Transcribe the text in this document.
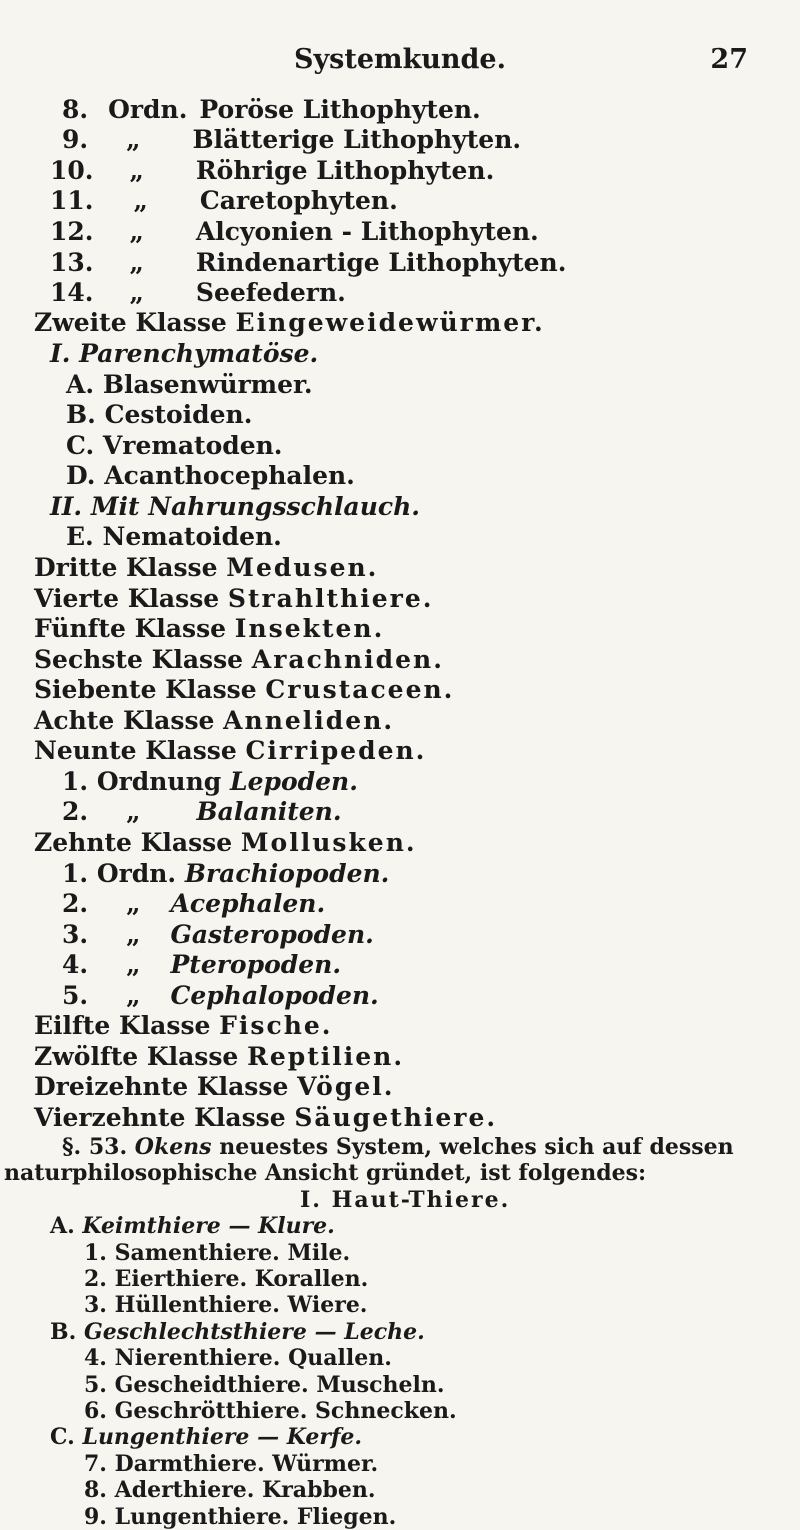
Systemkunde.	27
8. Ordn. Poröse Lithophyten.
9. „ Blätterige Lithophyten.
10. „ Röhrige Lithophyten.
11. „ Caretophyten.
12. „ Alcyonien - Lithophyten.
13. „ Rindenartige Lithophyten.
14. „ Seefedern.
Zweite Klasse Eingeweidewürmer.
I. Parenchymatöse.
A. Blasenwürmer.
B. Cestoiden.
C. Vrematoden.
D. Acanthocephalen.
II. Mit Nahrungsschlauch.
E. Nematoiden.
Dritte Klasse Medusen.
Vierte Klasse Strahlthiere.
Fünfte Klasse Insekten.
Sechste Klasse Arachniden.
Siebente Klasse Crustaceen.
Achte Klasse Anneliden.
Neunte Klasse Cirripeden.
1. Ordnung Lepoden.
2. „ Balaniten.
Zehnte Klasse Mollusken.
1. Ordn. Brachiopoden.
2. „ Acephalen.
3. „ Gasteropoden.
4. „ Pteropoden.
5. „ Cephalopoden.
Eilfte Klasse Fische.
Zwölfte Klasse Reptilien.
Dreizehnte Klasse Vögel.
Vierzehnte Klasse Säugethiere.
§. 53. Okens neuestes System, welches sich auf dessen
naturphilosophische Ansicht gründet, ist folgendes:
I. Haut-Thiere.
A. Keimthiere — Klure.
1. Samenthiere. Mile.
2. Eierthiere. Korallen.
3. Hüllenthiere. Wiere.
B. Geschlechtsthiere — Leche.
4. Nierenthiere. Quallen.
5. Gescheidthiere. Muscheln.
6. Geschrötthiere. Schnecken.
C. Lungenthiere — Kerfe.
7. Darmthiere. Würmer.
8. Aderthiere. Krabben.
9. Lungenthiere. Fliegen.
